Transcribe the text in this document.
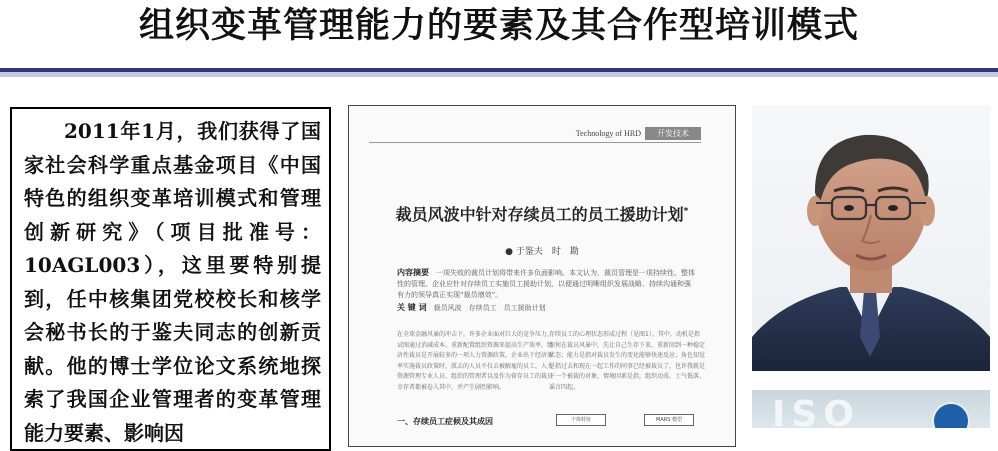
组织变革管理能力的要素及其合作型培训模式

2011年1月，我们获得了国家社会科学重点基金项目《中国特色的组织变革培训模式和管理创新研究》（项目批准号：10AGL003），这里要特别提到，任中核集团党校校长和核学会秘书长的于鉴夫同志的创新贡献。他的博士学位论文系统地探索了我国企业管理者的变革管理能力要素、影响因

Technology of HRD	开发技术
裁员风波中针对存续员工的员工援助计划*
● 于鉴夫　时　勘
内容摘要　 一项失败的裁员计划将带来许多负面影响。本文认为，裁员管理是一项持续性、整体性的管理。企业应针对存续员工实施员工援助计划，以便通过明晰组织发展战略、持续沟通和强有力的领导真正实现“裁员增效”。
关 键 词　 裁员风波　存续员工　员工援助计划
在全球金融风暴的冲击下，许多企业面对巨大的竞争压力，试图通过消减成本、重新配置组织资源来提高生产效率，经济性裁员是开展较多的一项人力资源政策。企业出于经济效率实施裁员政策时，派去的人员不仅去被解雇的员工，人力资源管理专业人员、组织的管理者以及作为留存员工的裁员幸存者都被卷入其中，并产生剧烈影响。
存续员工的心理状态形成过程（见图1）。其中，动机是指如何在裁员风暴中，先让自己生存下来，重新回到一种稳定状态；能力是指对裁员发生的变化能够快速反应；角色知觉是指过去和现在一起工作的同事已经被裁员了，也许我就是下一个被裁的对象，情境因素是指，组织动荡、士气低落、谣言四起。
一、存续员工症候及其成因	个体特征	MARS 模型	ISO
